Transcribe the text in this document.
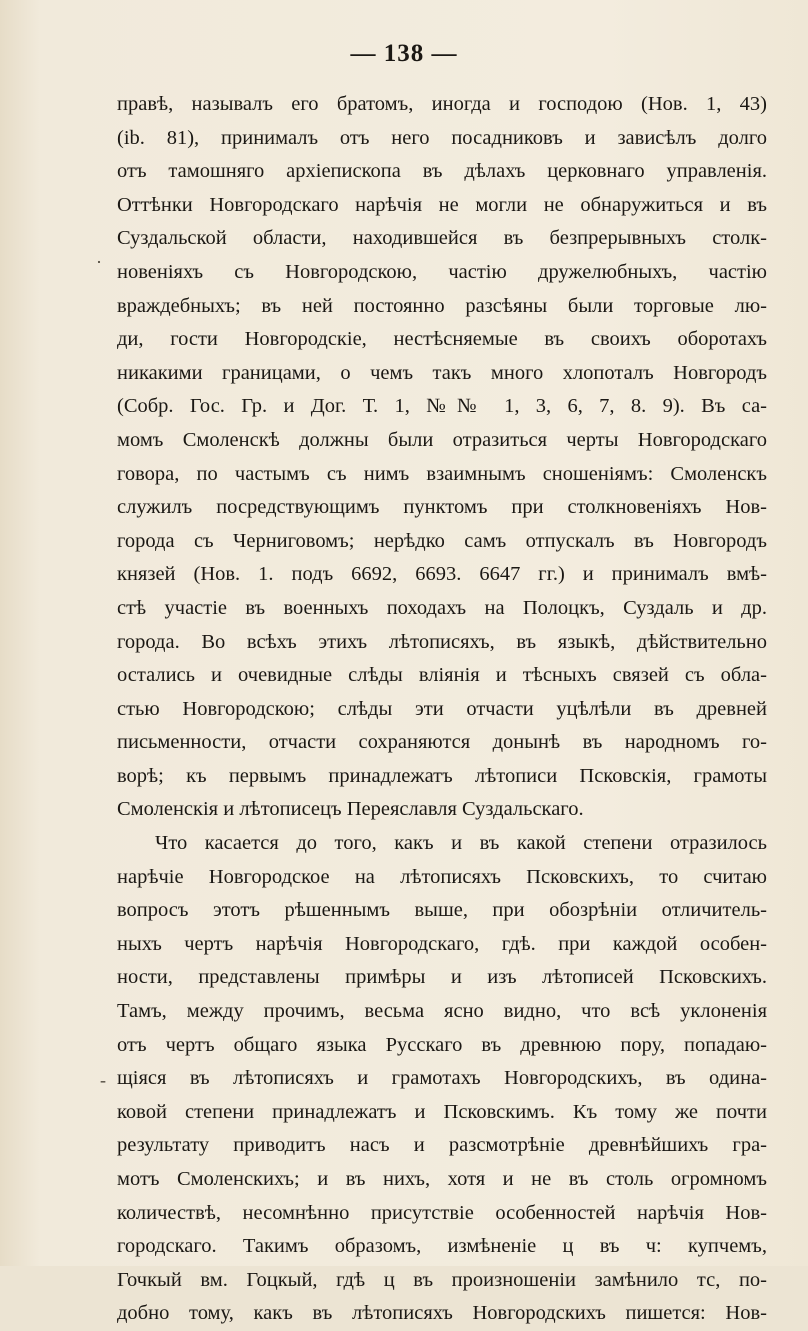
— 138 —
·
-
правѣ, называлъ его братомъ, иногда и господою (Нов. 1, 43)
(ib. 81), принималъ отъ него посадниковъ и зависѣлъ долго
отъ тамошняго архіепископа въ дѣлахъ церковнаго управленія.
Оттѣнки Новгородскаго нарѣчія не могли не обнаружиться и въ
Суздальской области, находившейся въ безпрерывныхъ столк-
новеніяхъ съ Новгородскою, частію дружелюбныхъ, частію
враждебныхъ; въ ней постоянно разсѣяны были торговые лю-
ди, гости Новгородскіе, нестѣсняемые въ своихъ оборотахъ
никакими границами, о чемъ такъ много хлопоталъ Новгородъ
(Собр. Гос. Гр. и Дог. Т. 1, №№ 1, 3, 6, 7, 8. 9). Въ са-
момъ Смоленскѣ должны были отразиться черты Новгородскаго
говора, по частымъ съ нимъ взаимнымъ сношеніямъ: Смоленскъ
служилъ посредствующимъ пунктомъ при столкновеніяхъ Нов-
города съ Черниговомъ; нерѣдко самъ отпускалъ въ Новгородъ
князей (Нов. 1. подъ 6692, 6693. 6647 гг.) и принималъ вмѣ-
стѣ участіе въ военныхъ походахъ на Полоцкъ, Суздаль и др.
города. Во всѣхъ этихъ лѣтописяхъ, въ языкѣ, дѣйствительно
остались и очевидные слѣды вліянія и тѣсныхъ связей съ обла-
стью Новгородскою; слѣды эти отчасти уцѣлѣли въ древней
письменности, отчасти сохраняются донынѣ въ народномъ го-
ворѣ; къ первымъ принадлежатъ лѣтописи Псковскія, грамоты
Смоленскія и лѣтописецъ Переяславля Суздальскаго.
Что касается до того, какъ и въ какой степени отразилось
нарѣчіе Новгородское на лѣтописяхъ Псковскихъ, то считаю
вопросъ этотъ рѣшеннымъ выше, при обозрѣніи отличитель-
ныхъ чертъ нарѣчія Новгородскаго, гдѣ. при каждой особен-
ности, представлены примѣры и изъ лѣтописей Псковскихъ.
Тамъ, между прочимъ, весьма ясно видно, что всѣ уклоненія
отъ чертъ общаго языка Русскаго въ древнюю пору, попадаю-
щіяся въ лѣтописяхъ и грамотахъ Новгородскихъ, въ одина-
ковой степени принадлежатъ и Псковскимъ. Къ тому же почти
результату приводитъ насъ и разсмотрѣніе древнѣйшихъ гра-
мотъ Смоленскихъ; и въ нихъ, хотя и не въ столь огромномъ
количествѣ, несомнѣнно присутствіе особенностей нарѣчія Нов-
городскаго. Такимъ образомъ, измѣненіе ц въ ч: купчемъ,
Гочкый вм. Гоцкый, гдѣ ц въ произношеніи замѣнило тс, по-
добно тому, какъ въ лѣтописяхъ Новгородскихъ пишется: Нов-
